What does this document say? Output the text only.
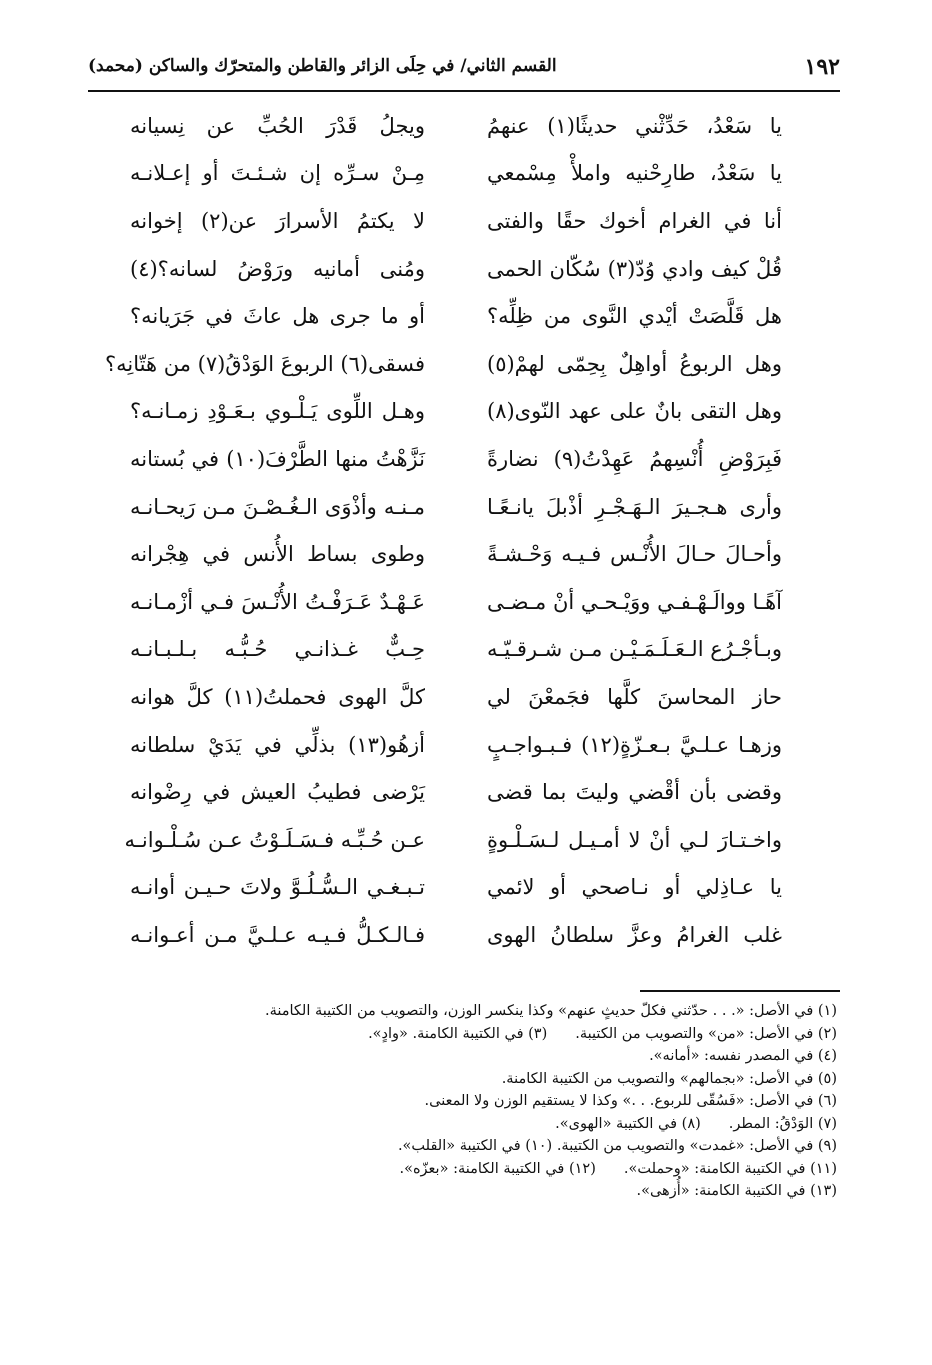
١٩٢
القسم الثاني/ في حِلَى الزائر والقاطن والمتحرّك والساكن (محمد)
يا سَعْدُ، حَدِّثْني حديثًا(١) عنهمُ
ويجلُ قَدْرَ الحُبِّ عن نِسيانه
يا سَعْدُ، طارِحْنيه واملأْ مِسْمعي
مِـنْ سـرِّه إن شـئـتَ أو إعـلانـه
أنا في الغرام أخوك حقًا والفتى
لا يكتمُ الأسرارَ عن(٢) إخوانه
قُلْ كيف وادي وُدّ(٣) سُكّان الحمى
ومُنى أمانيه ورَوْضُ لسانه؟(٤)
هل قَلَّصَتْ أيْدي النَّوى من ظِلِّه؟
أو ما جرى هل عاثَ في جَرَيانه؟
وهل الربوعُ أواهِلٌ بِحِمّى لهمْ(٥)
فسقى(٦) الربوعَ الوَدْقُ(٧) من هَتّانِه؟
وهل التقى بانٌ على عهد النّوى(٨)
وهـل اللِّوى يَـلْـوي بـعَـوْدِ زمـانـه؟
فَبِرَوْضِ أُنْسِهمُ عَهِدْتُ(٩) نضارةً
نَزَّهْتُ منها الطَّرْفَ(١٠) في بُستانه
وأرى هـجـيرَ الـهَـجْـرِ أذْبلَ يانـعًـا
مـنـه وأذْوَى الـغُـصْـنَ مـن رَيحـانـه
وأحـالَ حـالَ الأُنْـس فـيـه وَحْـشـةً
وطوى بساط الأُنس في هِجْرانه
آهًـا ووالَـهْـفـي ووَيْـحـي أنْ مـضـى
عَـهْـدٌ عَـرَفْـتُ الأُنْـسَ فـي أزْمـانـه
وبـأجْـرُع الـعَـلَـمَـيْـن مـن شـرقـيّـه
حِـبٌّ غـذانـي حُـبُّـه بـلـبـانـه
حاز المحاسنَ كلَّها فجَمعْنَ لي
كلَّ الهوى فحملتُ(١١) كلَّ هوانه
وزهـا عـلـيَّ بـعـزّةٍ(١٢) فـبـواجـبٍ
أزهُو(١٣) بذلِّي في يَدَيْ سلطانه
وقضى بأن أقْضي وليتَ بما قضى
يَرْضى فطيبُ العيش في رِضْوانه
واخـتـارَ لـي أنْ لا أمـيـل لـسَـلْـوةٍ
عـن حُـبِّـه فـسَـلَـوْتُ عـن سُـلْـوانـه
يا عـاذِلي أو نـاصحي أو لائمي
تـبـغـي الـسُّـلُـوَّ ولاتَ حـيـن أوانـه
غلب الغرامُ وعزَّ سلطانُ الهوى
فـالـكـلُّ فـيـه عـلـيَّ مـن أعـوانـه
(١) في الأصل: «. . . حدّثني فكلّ حديثٍ عنهم» وكذا ينكسر الوزن، والتصويب من الكتيبة الكامنة.
(٢) في الأصل: «من» والتصويب من الكتيبة.
(٣) في الكتيبة الكامنة. «وادٍ».
(٤) في المصدر نفسه: «أمانه».
(٥) في الأصل: «بجمالهم» والتصويب من الكتيبة الكامنة.
(٦) في الأصل: «فَسُقّى للربوع. . .» وكذا لا يستقيم الوزن ولا المعنى.
(٧) الوَدْقُ: المطر.
(٨) في الكتيبة «الهوى».
(٩) في الأصل: «غمدت» والتصويب من الكتيبة. (١٠) في الكتيبة «القلب».
(١١) في الكتيبة الكامنة: «وحملت».
(١٢) في الكتيبة الكامنة: «بعزّه».
(١٣) في الكتيبة الكامنة: «أُزهى».
